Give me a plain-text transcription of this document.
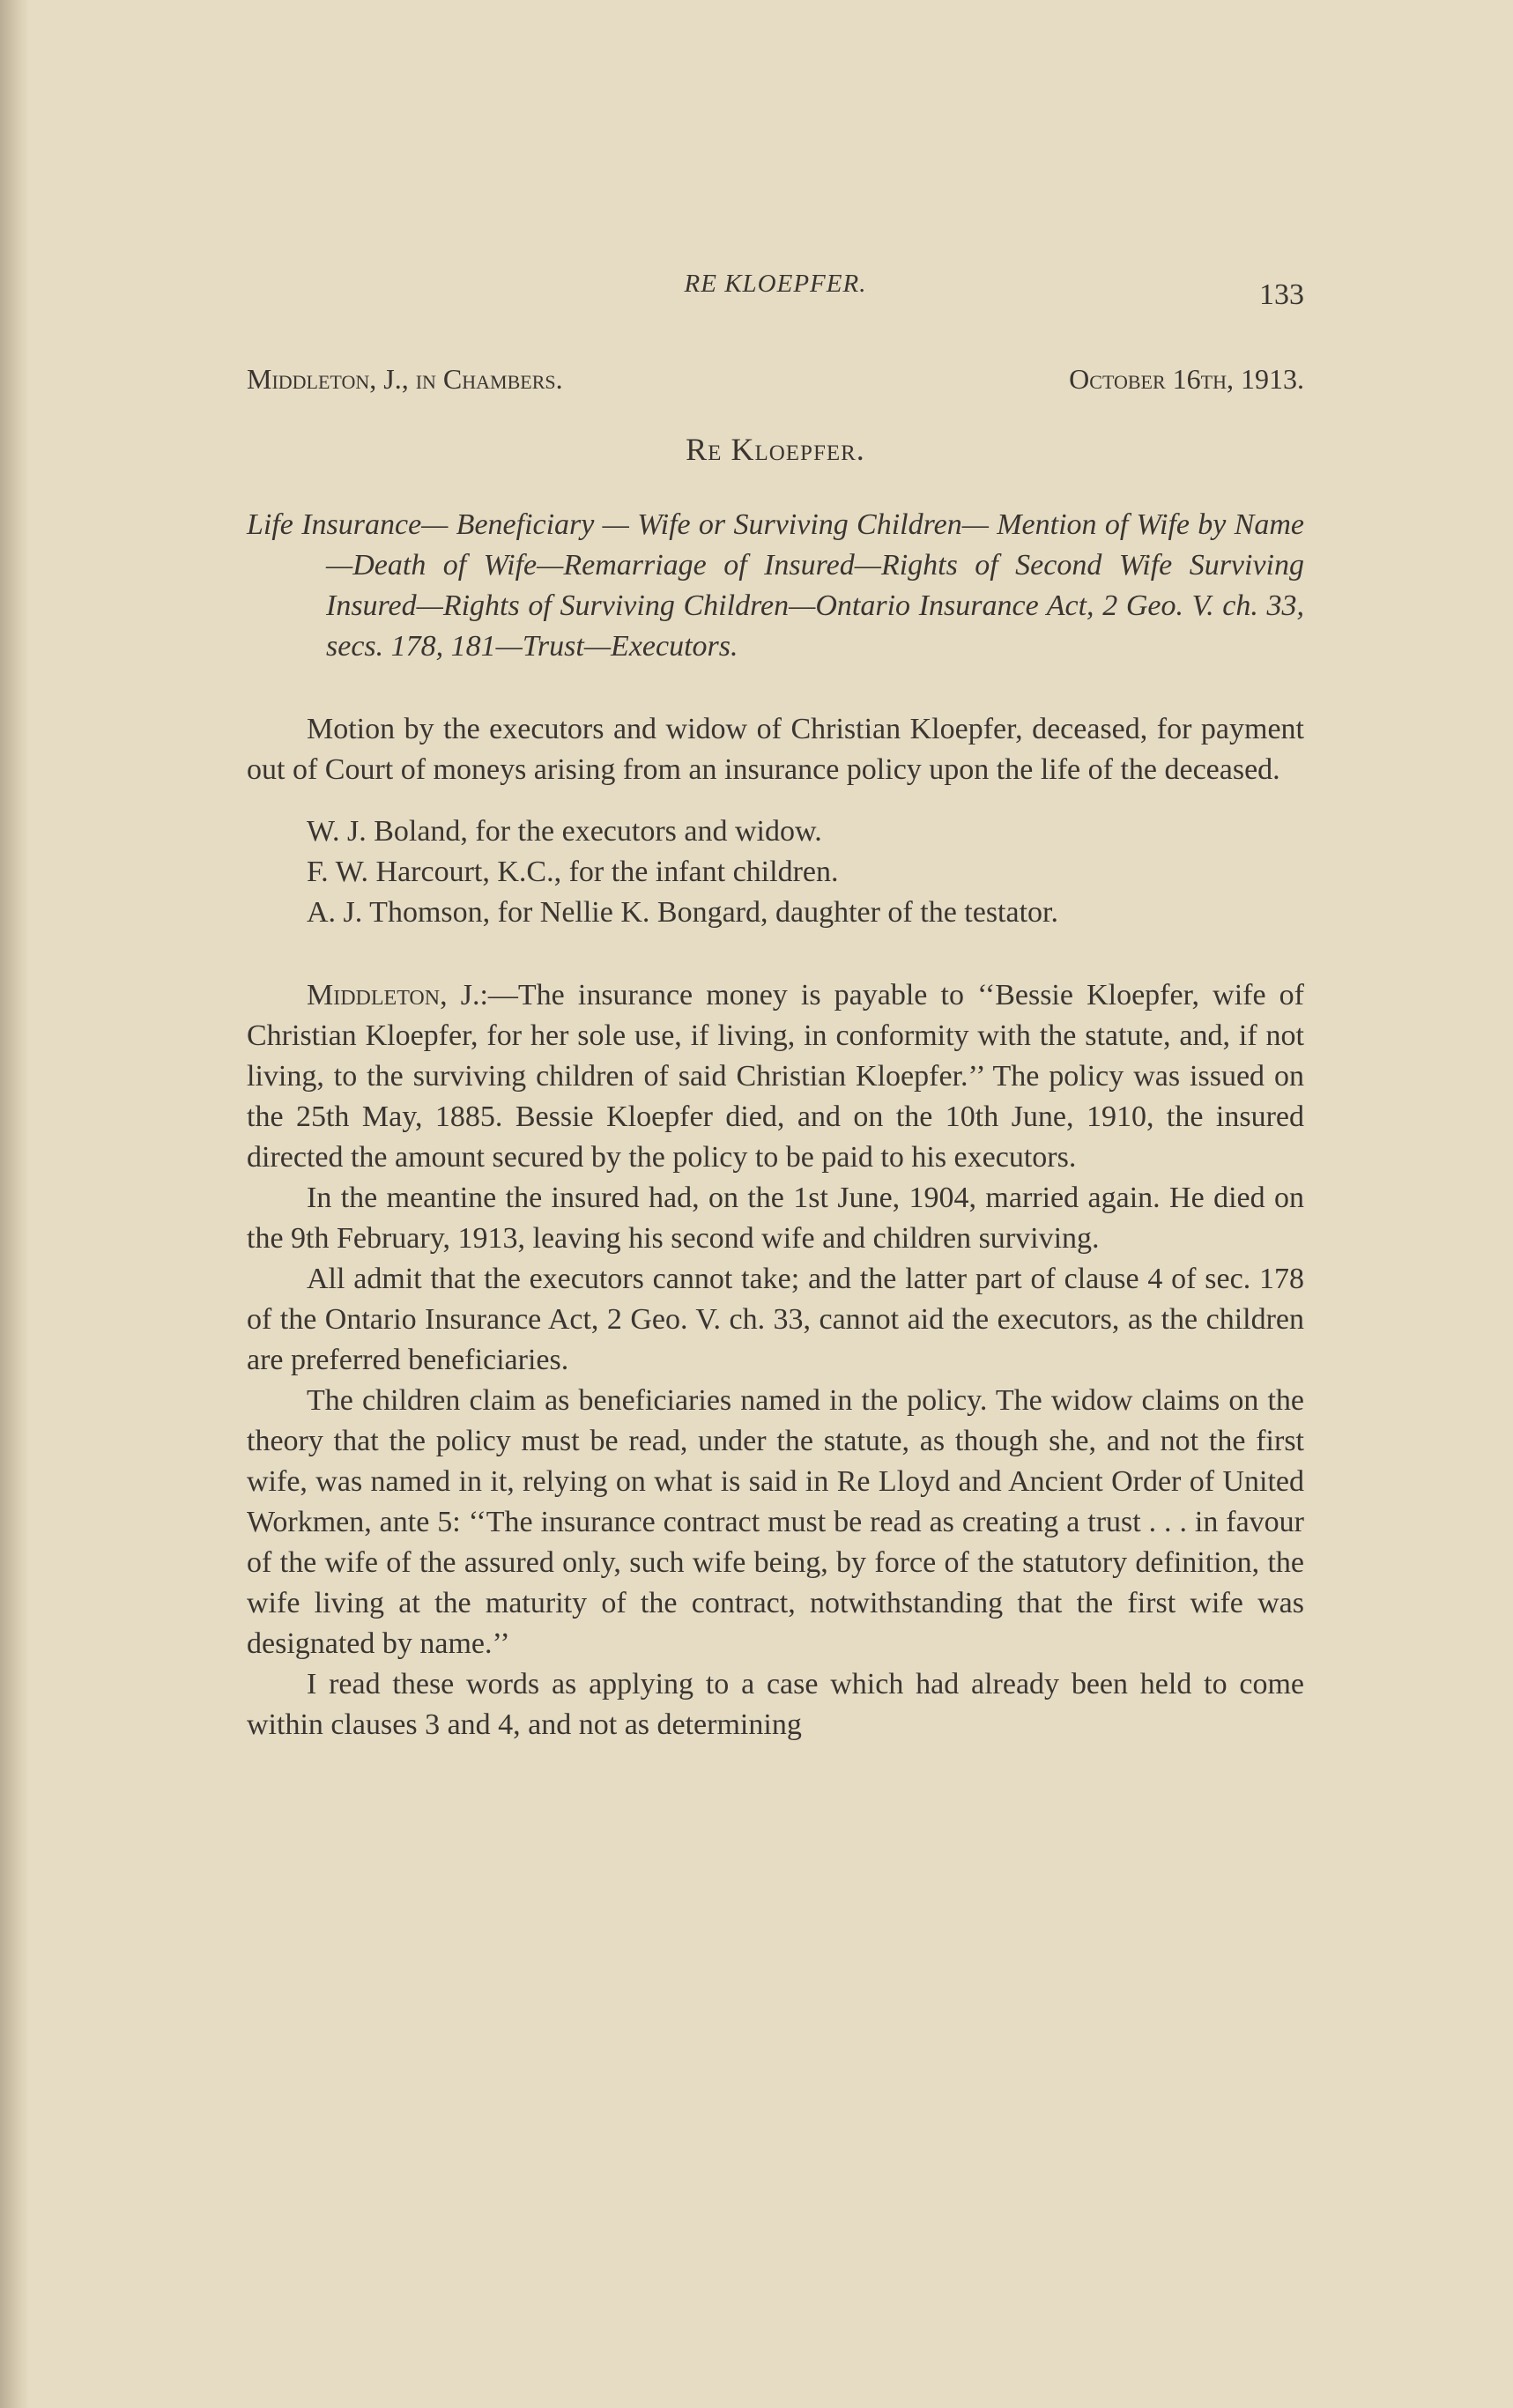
RE KLOEPFER.	133
Middleton, J., in Chambers.	October 16th, 1913.
Re Kloepfer.
Life Insurance— Beneficiary — Wife or Surviving Children— Mention of Wife by Name—Death of Wife—Remarriage of Insured—Rights of Second Wife Surviving Insured—Rights of Surviving Children—Ontario Insurance Act, 2 Geo. V. ch. 33, secs. 178, 181—Trust—Executors.

Motion by the executors and widow of Christian Kloepfer, deceased, for payment out of Court of moneys arising from an insurance policy upon the life of the deceased.

W. J. Boland, for the executors and widow.

F. W. Harcourt, K.C., for the infant children.

A. J. Thomson, for Nellie K. Bongard, daughter of the testator.

Middleton, J.:—The insurance money is payable to ‘‘Bessie Kloepfer, wife of Christian Kloepfer, for her sole use, if living, in conformity with the statute, and, if not living, to the surviving children of said Christian Kloepfer.’’ The policy was issued on the 25th May, 1885. Bessie Kloepfer died, and on the 10th June, 1910, the insured directed the amount secured by the policy to be paid to his executors.

In the meantine the insured had, on the 1st June, 1904, married again. He died on the 9th February, 1913, leaving his second wife and children surviving.

All admit that the executors cannot take; and the latter part of clause 4 of sec. 178 of the Ontario Insurance Act, 2 Geo. V. ch. 33, cannot aid the executors, as the children are preferred beneficiaries.

The children claim as beneficiaries named in the policy. The widow claims on the theory that the policy must be read, under the statute, as though she, and not the first wife, was named in it, relying on what is said in Re Lloyd and Ancient Order of United Workmen, ante 5: ‘‘The insurance contract must be read as creating a trust . . . in favour of the wife of the assured only, such wife being, by force of the statutory definition, the wife living at the maturity of the contract, notwithstanding that the first wife was designated by name.’’

I read these words as applying to a case which had already been held to come within clauses 3 and 4, and not as determining
